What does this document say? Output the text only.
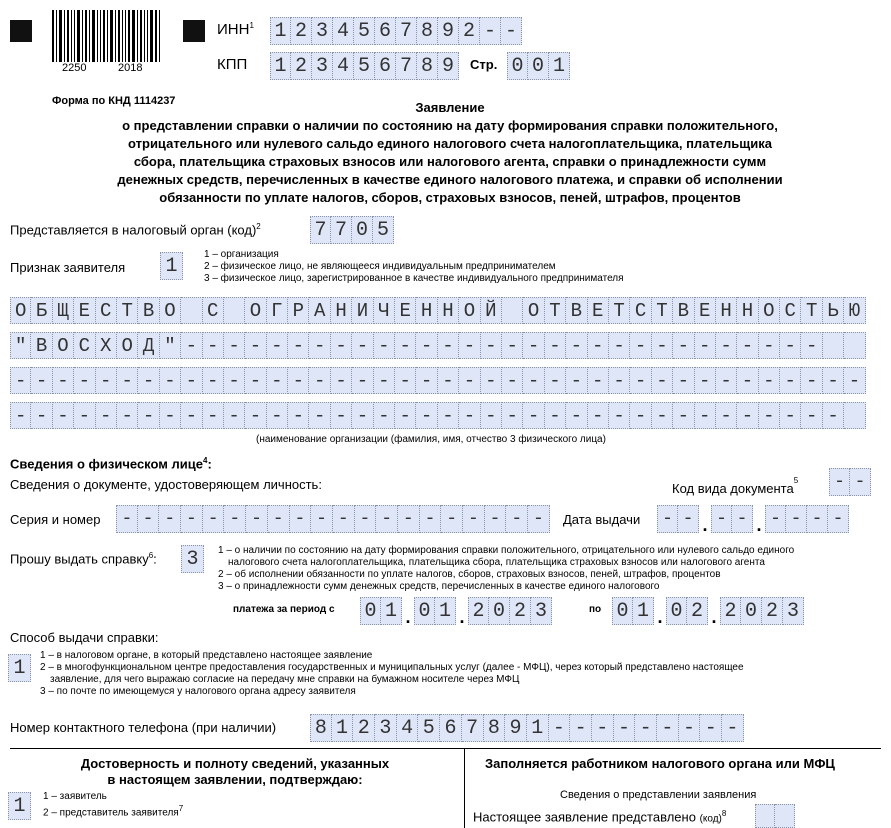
2250	2018
ИНН$^1$ 1 2 3 4 5 6 7 8 9 2 - -
КПП 1 2 3 4 5 6 7 8 9	Стр. 0 0 1
Форма по КНД 1114237	Заявление
о представлении справки о наличии по состоянию на дату формирования справки положительного,
отрицательного или нулевого сальдо единого налогового счета налогоплательщика, плательщика
сбора, плательщика страховых взносов или налогового агента, справки о принадлежности сумм
денежных средств, перечисленных в качестве единого налогового платежа, и справки об исполнении
обязанности по уплате налогов, сборов, страховых взносов, пеней, штрафов, процентов
Представляется в налоговый орган (код)$^2$	7 7 0 5
Признак заявителя 1	1 – организация
2 – физическое лицо, не являющееся индивидуальным предпринимателем
3 – физическое лицо, зарегистрированное в качестве индивидуального предпринимателя
О Б Щ Е С Т В О С О Г Р А Н И Ч Е Н Н О Й О Т В Е Т С Т В Е Н Н О С Т Ь Ю
" В О С Х О Д " - - - - - - - - - - - - - - - - - - - - - - - - - - - - - -
- - - - - - - - - - - - - - - - - - - - - - - - - - - - - - - - - - - - - - - -
- - - - - - - - - - - - - - - - - - - - - - - - - - - - - - - - - - - - - - -
(наименование организации (фамилия, имя, отчество 3 физического лица)
Сведения о физическом лице$^4$:
Сведения о документе, удостоверяющем личность:	Код вида документа$^5$ - -
Серия и номер	- - - - - - - - - - - - - - - - - - - -	Дата выдачи - - . - - . - - - -
Прошу выдать справку$^6$: 3	1 – о наличии по состоянию на дату формирования справки положительного, отрицательного или нулевого сальдо единого
налогового счета налогоплательщика, плательщика сбора, плательщика страховых взносов или налогового агента
2 – об исполнении обязанности по уплате налогов, сборов, страховых взносов, пеней, штрафов, процентов
3 – о принадлежности сумм денежных средств, перечисленных в качестве единого налогового
платежа за период с 0 1 . 0 1 . 2 0 2 3	по 0 1 . 0 2 . 2 0 2 3
Способ выдачи справки:
1
1 – в налоговом органе, в который представлено настоящее заявление
2 – в многофункциональном центре предоставления государственных и муниципальных услуг (далее - МФЦ), через который представлено настоящее
заявление, для чего выражаю согласие на передачу мне справки на бумажном носителе через МФЦ
3 – по почте по имеющемуся у налогового органа адресу заявителя
Номер контактного телефона (при наличии) 8 1 2 3 4 5 6 7 8 9 1 - - - - - - - - -
Достоверность и полноту сведений, указанных
в настоящем заявлении, подтверждаю:
1	1 – заявитель
2 – представитель заявителя$^7$
Заполняется работником налогового органа или МФЦ
Сведения о представлении заявления
Настоящее заявление представлено (код)$^8$
